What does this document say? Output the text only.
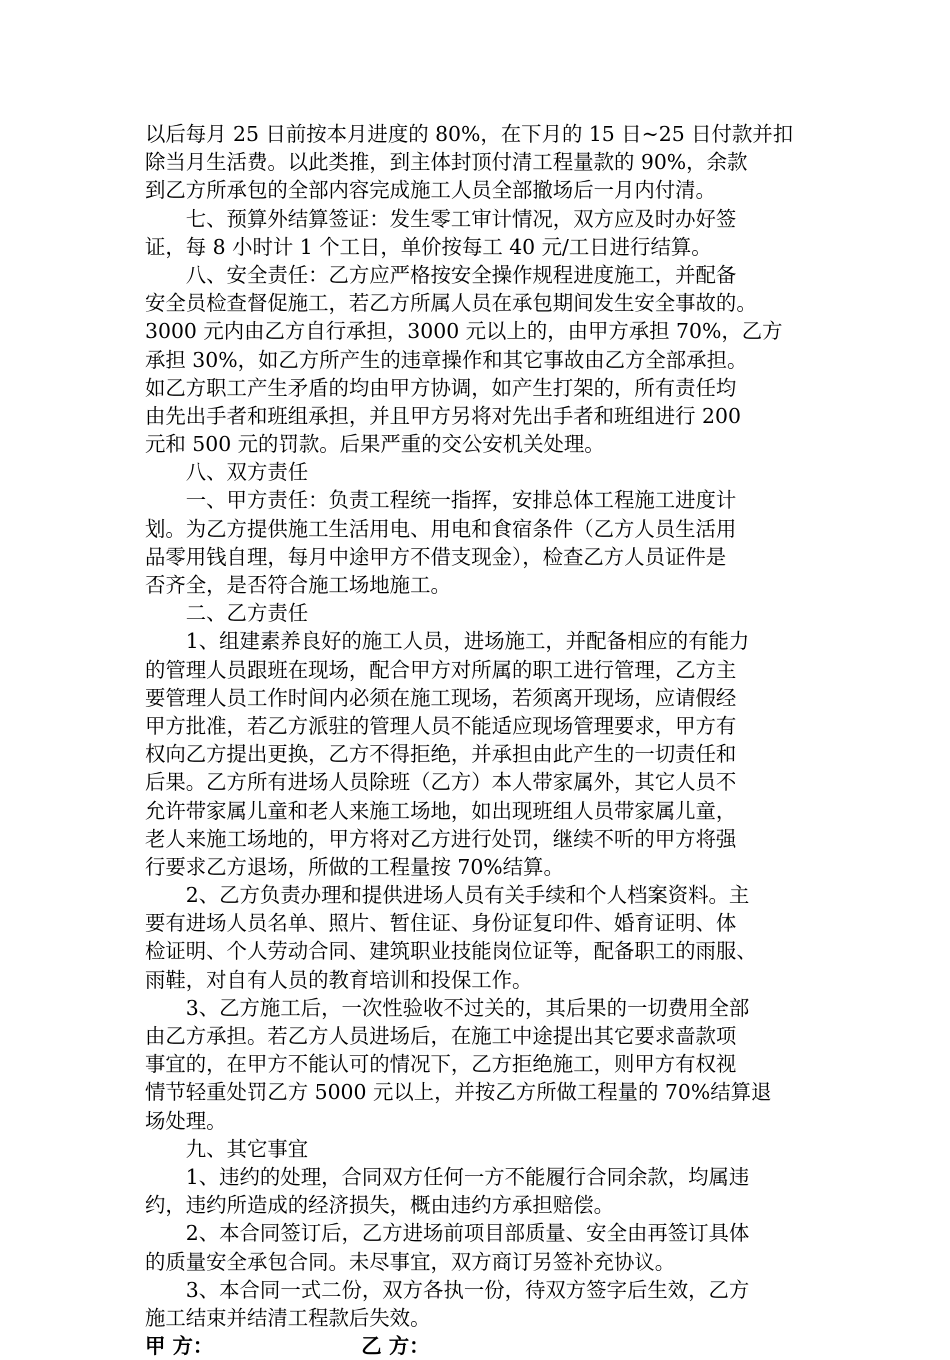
以后每月 25 日前按本月进度的 80%，在下月的 15 日~25 日付款并扣
除当月生活费。以此类推，到主体封顶付清工程量款的 90%，余款
到乙方所承包的全部内容完成施工人员全部撤场后一月内付清。
　　七、预算外结算签证：发生零工审计情况，双方应及时办好签
证，每 8 小时计 1 个工日，单价按每工 40 元/工日进行结算。
　　八、安全责任：乙方应严格按安全操作规程进度施工，并配备
安全员检查督促施工，若乙方所属人员在承包期间发生安全事故的。
3000 元内由乙方自行承担，3000 元以上的，由甲方承担 70%，乙方
承担 30%，如乙方所产生的违章操作和其它事故由乙方全部承担。
如乙方职工产生矛盾的均由甲方协调，如产生打架的，所有责任均
由先出手者和班组承担，并且甲方另将对先出手者和班组进行 200
元和 500 元的罚款。后果严重的交公安机关处理。
　　八、双方责任
　　一、甲方责任：负责工程统一指挥，安排总体工程施工进度计
划。为乙方提供施工生活用电、用电和食宿条件（乙方人员生活用
品零用钱自理，每月中途甲方不借支现金），检查乙方人员证件是
否齐全，是否符合施工场地施工。
　　二、乙方责任
　　1、组建素养良好的施工人员，进场施工，并配备相应的有能力
的管理人员跟班在现场，配合甲方对所属的职工进行管理，乙方主
要管理人员工作时间内必须在施工现场，若须离开现场，应请假经
甲方批准，若乙方派驻的管理人员不能适应现场管理要求，甲方有
权向乙方提出更换，乙方不得拒绝，并承担由此产生的一切责任和
后果。乙方所有进场人员除班（乙方）本人带家属外，其它人员不
允许带家属儿童和老人来施工场地，如出现班组人员带家属儿童，
老人来施工场地的，甲方将对乙方进行处罚，继续不听的甲方将强
行要求乙方退场，所做的工程量按 70%结算。
　　2、乙方负责办理和提供进场人员有关手续和个人档案资料。主
要有进场人员名单、照片、暂住证、身份证复印件、婚育证明、体
检证明、个人劳动合同、建筑职业技能岗位证等，配备职工的雨服、
雨鞋，对自有人员的教育培训和投保工作。
　　3、乙方施工后，一次性验收不过关的，其后果的一切费用全部
由乙方承担。若乙方人员进场后，在施工中途提出其它要求啬款项
事宜的，在甲方不能认可的情况下，乙方拒绝施工，则甲方有权视
情节轻重处罚乙方 5000 元以上，并按乙方所做工程量的 70%结算退
场处理。
　　九、其它事宜
　　1、违约的处理，合同双方任何一方不能履行合同余款，均属违
约，违约所造成的经济损失，概由违约方承担赔偿。
　　2、本合同签订后，乙方进场前项目部质量、安全由再签订具体
的质量安全承包合同。未尽事宜，双方商订另签补充协议。
　　3、本合同一式二份，双方各执一份，待双方签字后生效，乙方
施工结束并结清工程款后失效。
甲 方：	乙 方：
